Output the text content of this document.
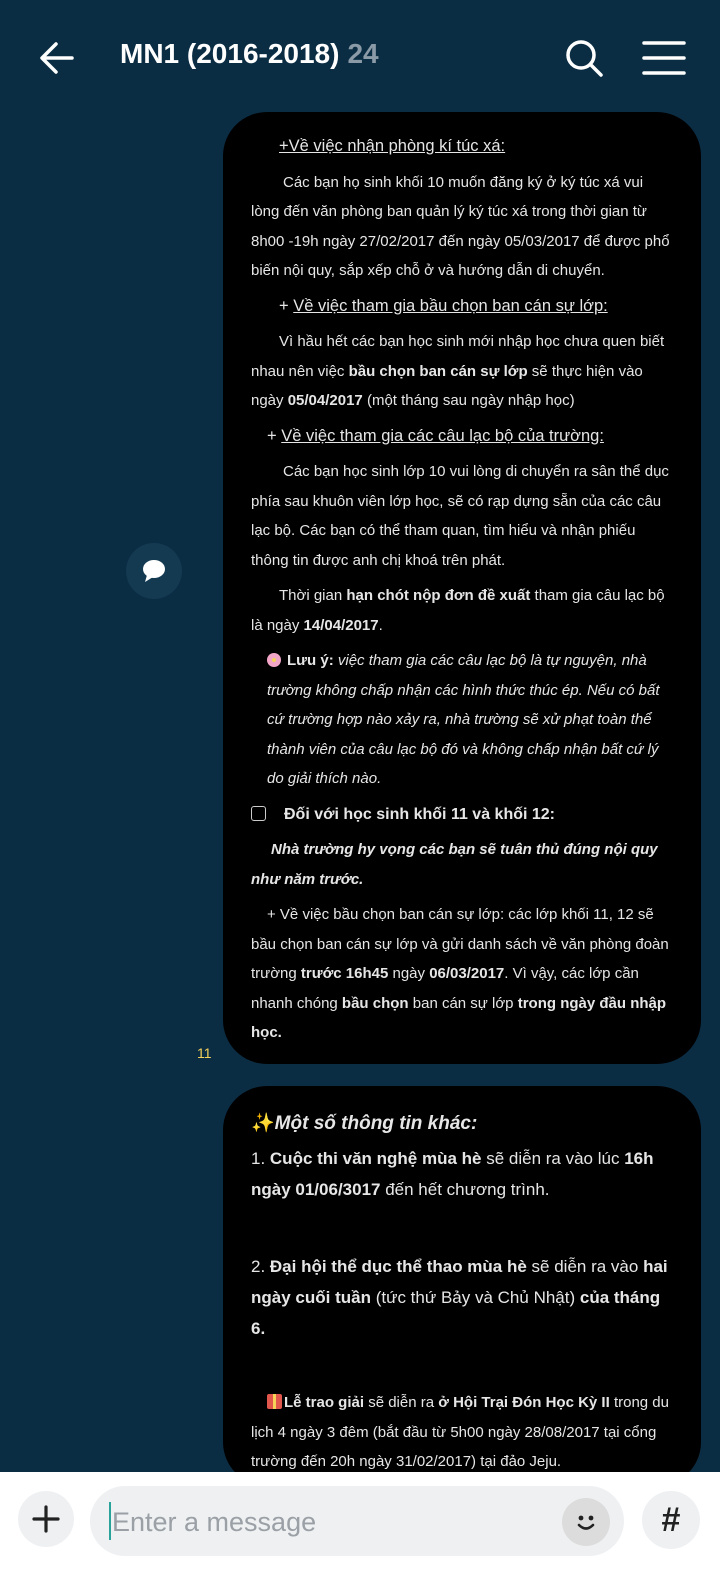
MN1 (2016-2018) 24

+Về việc nhận phòng kí túc xá:

Các bạn họ sinh khối 10 muốn đăng ký ở ký túc xá vui lòng đến văn phòng ban quản lý ký túc xá trong thời gian từ 8h00 -19h ngày 27/02/2017 đến ngày 05/03/2017 để được phổ biến nội quy, sắp xếp chỗ ở và hướng dẫn di chuyển.

+ Về việc tham gia bầu chọn ban cán sự lớp:

Vì hầu hết các bạn học sinh mới nhập học chưa quen biết nhau nên việc bầu chọn ban cán sự lớp sẽ thực hiện vào ngày 05/04/2017 (một tháng sau ngày nhập học)

+ Về việc tham gia các câu lạc bộ của trường:

Các bạn học sinh lớp 10 vui lòng di chuyển ra sân thể dục phía sau khuôn viên lớp học, sẽ có rạp dựng sẵn của các câu lạc bộ. Các bạn có thể tham quan, tìm hiểu và nhận phiếu thông tin được anh chị khoá trên phát.

Thời gian hạn chót nộp đơn đề xuất tham gia câu lạc bộ là ngày 14/04/2017.

Lưu ý: việc tham gia các câu lạc bộ là tự nguyện, nhà trường không chấp nhận các hình thức thúc ép. Nếu có bất cứ trường hợp nào xảy ra, nhà trường sẽ xử phạt toàn thể thành viên của câu lạc bộ đó và không chấp nhận bất cứ lý do giải thích nào.

Đối với học sinh khối 11 và khối 12:

Nhà trường hy vọng các bạn sẽ tuân thủ đúng nội quy như năm trước.

+ Về việc bầu chọn ban cán sự lớp: các lớp khối 11, 12 sẽ bầu chọn ban cán sự lớp và gửi danh sách về văn phòng đoàn trường trước 16h45 ngày 06/03/2017. Vì vậy, các lớp cần nhanh chóng bầu chọn ban cán sự lớp trong ngày đầu nhập học.

11
✨Một số thông tin khác:
1. Cuộc thi văn nghệ mùa hè sẽ diễn ra vào lúc 16h ngày 01/06/3017 đến hết chương trình.
2. Đại hội thể dục thể thao mùa hè sẽ diễn ra vào hai ngày cuối tuần (tức thứ Bảy và Chủ Nhật) của tháng 6.
Lễ trao giải sẽ diễn ra ở Hội Trại Đón Học Kỳ II trong du lịch 4 ngày 3 đêm (bắt đầu từ 5h00 ngày 28/08/2017 tại cổng trường đến 20h ngày 31/02/2017) tại đảo Jeju.
Enter a message
#
